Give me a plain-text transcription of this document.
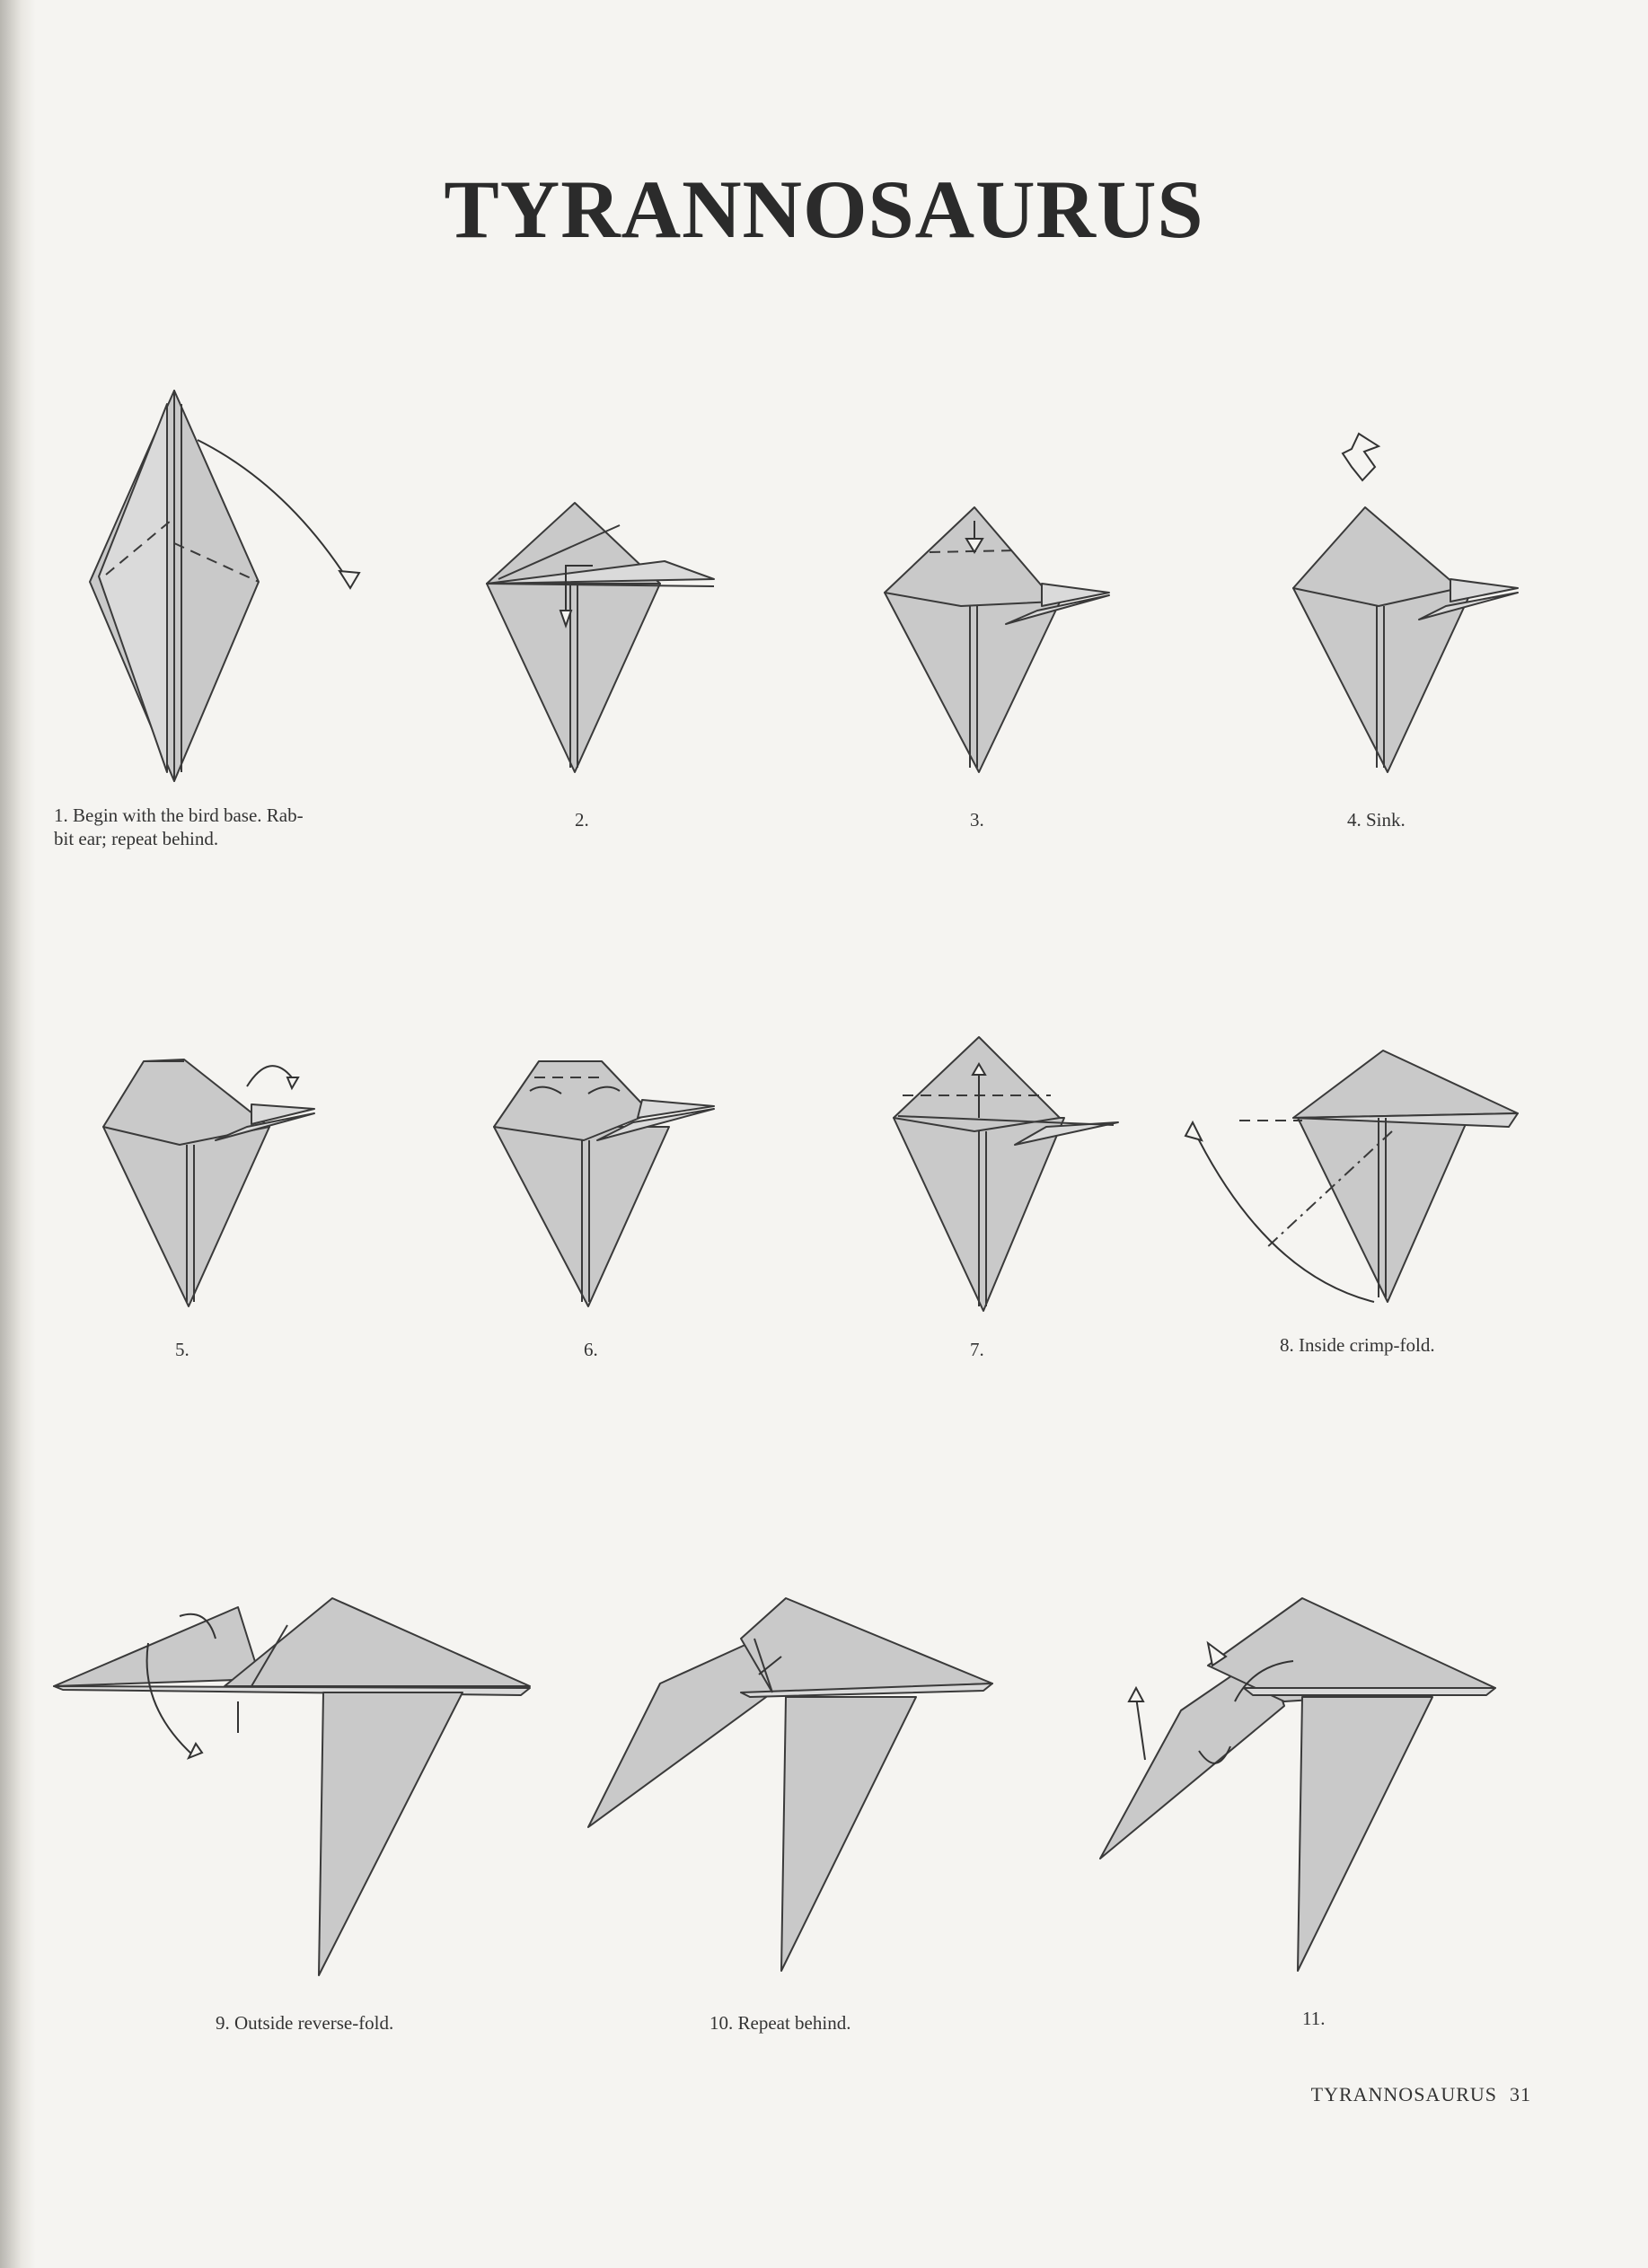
TYRANNOSAURUS
1. Begin with the bird base. Rab-
bit ear; repeat behind.
2.	3.	4. Sink.
5.	6.	7.	8. Inside crimp-fold.
9. Outside reverse-fold.	10. Repeat behind.	11.
TYRANNOSAURUS 31
